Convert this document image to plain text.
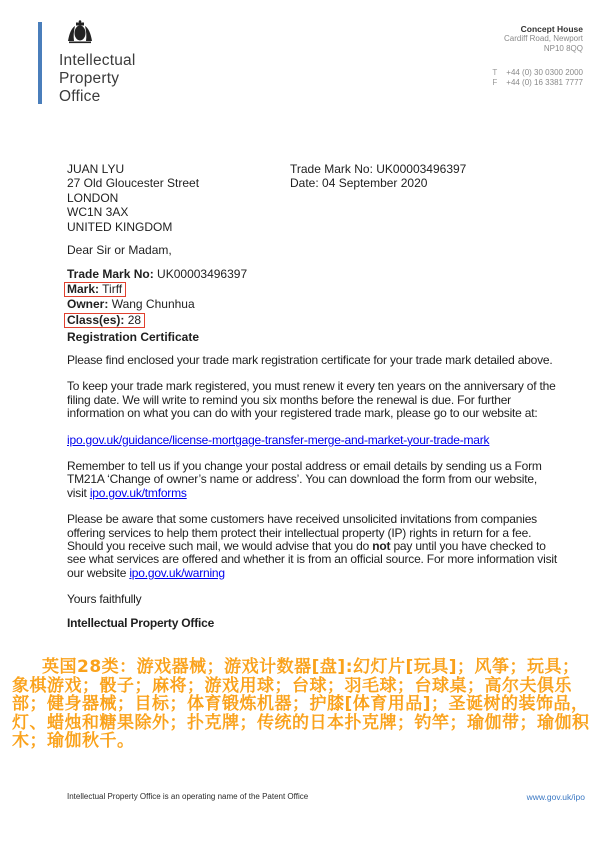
Intellectual
Property
Office
Concept House
Cardiff Road, Newport
NP10 8QQ
T +44 (0) 30 0300 2000
F +44 (0) 16 3381 7777
JUAN LYU
27 Old Gloucester Street
LONDON
WC1N 3AX
UNITED KINGDOM
Trade Mark No: UK00003496397
Date: 04 September 2020
Dear Sir or Madam,
Trade Mark No: UK00003496397
Mark: Tirff
Owner: Wang Chunhua
Class(es): 28
Registration Certificate

Please find enclosed your trade mark registration certificate for your trade mark detailed above.

To keep your trade mark registered, you must renew it every ten years on the anniversary of the filing date. We will write to remind you six months before the renewal is due. For further information on what you can do with your registered trade mark, please go to our website at:

ipo.gov.uk/guidance/license-mortgage-transfer-merge-and-market-your-trade-mark

Remember to tell us if you change your postal address or email details by sending us a Form TM21A ‘Change of owner’s name or address’. You can download the form from our website, visit ipo.gov.uk/tmforms

Please be aware that some customers have received unsolicited invitations from companies offering services to help them protect their intellectual property (IP) rights in return for a fee. Should you receive such mail, we would advise that you do not pay until you have checked to see what services are offered and whether it is from an official source. For more information visit our website ipo.gov.uk/warning

Yours faithfully
Intellectual Property Office
英国28类：游戏器械；游戏计数器[盘]:幻灯片[玩具]；风筝；玩具；象棋游戏；骰子；麻将；游戏用球；台球；羽毛球；台球桌；高尔夫俱乐部；健身器械；目标；体育锻炼机器；护膝[体育用品]；圣诞树的装饰品，灯、蜡烛和糖果除外；扑克牌；传统的日本扑克牌；钓竿；瑜伽带；瑜伽积木；瑜伽秋千。
Intellectual Property Office is an operating name of the Patent Office	www.gov.uk/ipo
